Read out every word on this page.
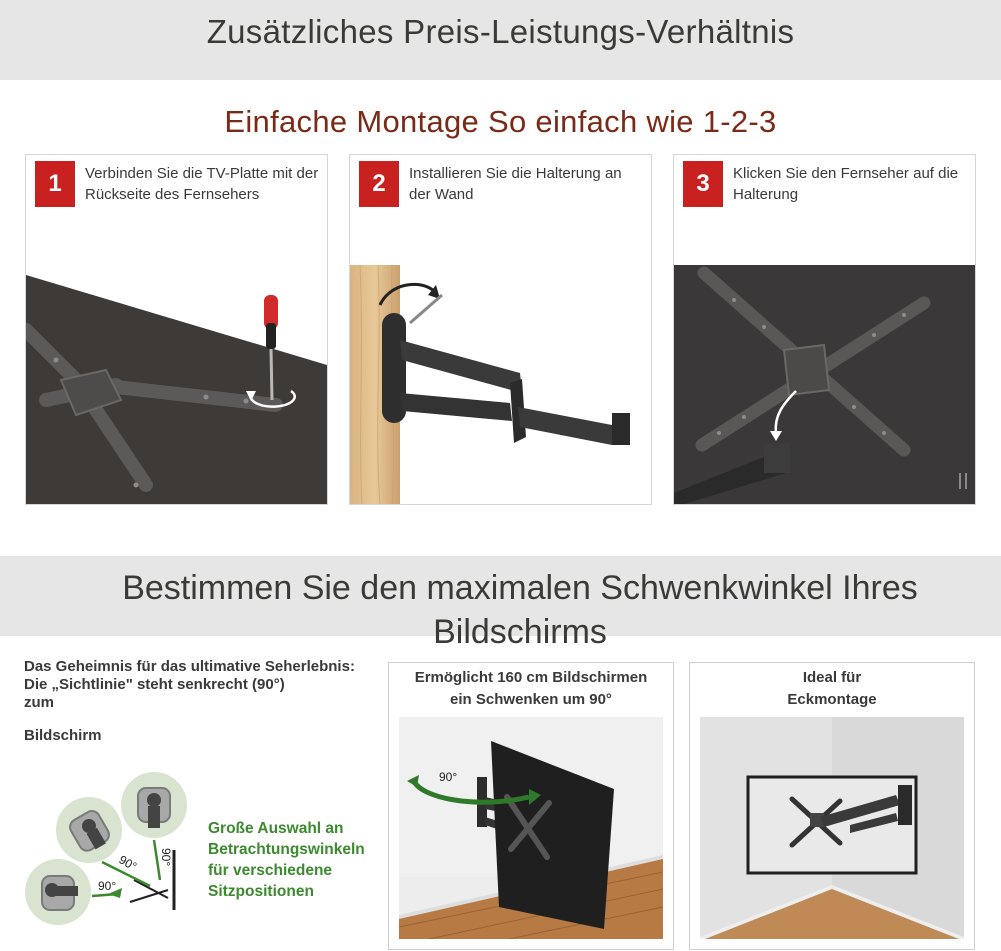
Zusätzliches Preis-Leistungs-Verhältnis
Einfache Montage So einfach wie 1-2-3
1	Verbinden Sie die TV-Platte mit der Rückseite des Fernsehers	2	Installieren Sie die Halterung an der Wand	3	Klicken Sie den Fernseher auf die Halterung
Bestimmen Sie den maximalen Schwenkwinkel Ihres
Bildschirms
Das Geheimnis für das ultimative Seherlebnis:
Die „Sichtlinie" steht senkrecht (90°)
zum
Bildschirm
90° 90°
90°
Große Auswahl an
Betrachtungswinkeln
für verschiedene
Sitzpositionen
Ermöglicht 160 cm Bildschirmen
ein Schwenken um 90°
90°
Ideal für
Eckmontage
